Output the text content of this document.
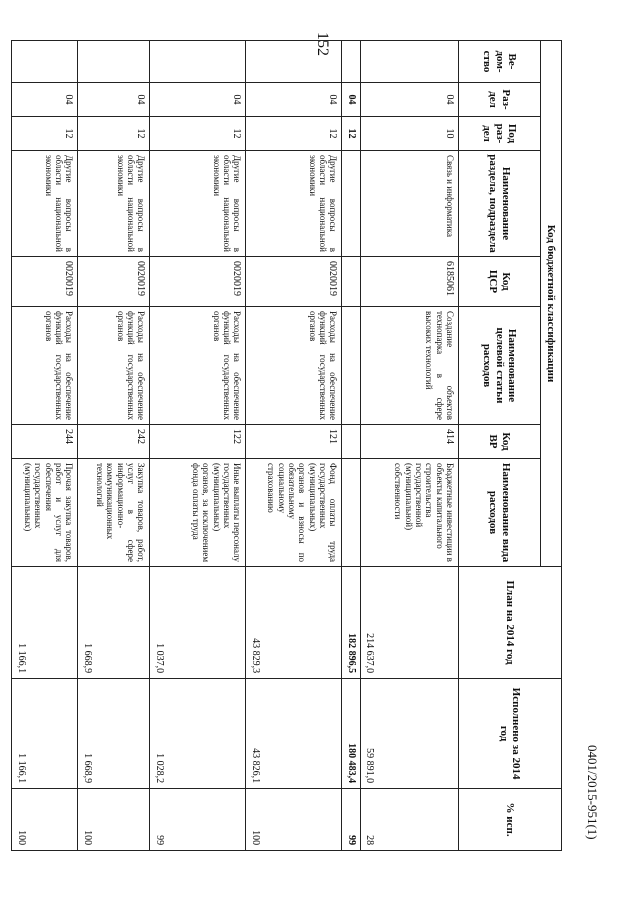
152
Код бюджетной классификации								План на 2014 год	Исполнено за 2014 год	% исп.
Ве-дом-ство	Раз-дел	Под раз-дел	Наименование раздела, подраздела	Код ЦСР	Наименование целевой статьи расходов	Код ВР	Наименование вида расходов			
	04	10	Связь и информатика	6185061	Создание объектов технопарка в сфере высоких технологий	414	Бюджетные инвестиции в объекты капитального строительства государственной (муниципальной) собственности	214 637,0	59 891,0	28
	04	12						182 896,5	180 483,4	99
	04	12	Другие вопросы в области национальной экономики	0020019	Расходы на обеспечение функций государственных органов	121	Фонд оплаты труда государственных (муниципальных) органов и взносы по обязательному социальному страхованию	43 829,3	43 826,1	100
	04	12	Другие вопросы в области национальной экономики	0020019	Расходы на обеспечение функций государственных органов	122	Иные выплаты персоналу государственных (муниципальных) органов, за исключением фонда оплаты труда	1 037,0	1 028,2	99
	04	12	Другие вопросы в области национальной экономики	0020019	Расходы на обеспечение функций государственных органов	242	Закупка товаров, работ, услуг в сфере информационно-коммуникационных технологий	1 668,9	1 668,9	100
	04	12	Другие вопросы в области национальной экономики	0020019	Расходы на обеспечение функций государственных органов	244	Прочая закупка товаров, работ и услуг для обеспечения государственных (муниципальных)	1 166,1	1 166,1	100	0401/2015-951(1)
